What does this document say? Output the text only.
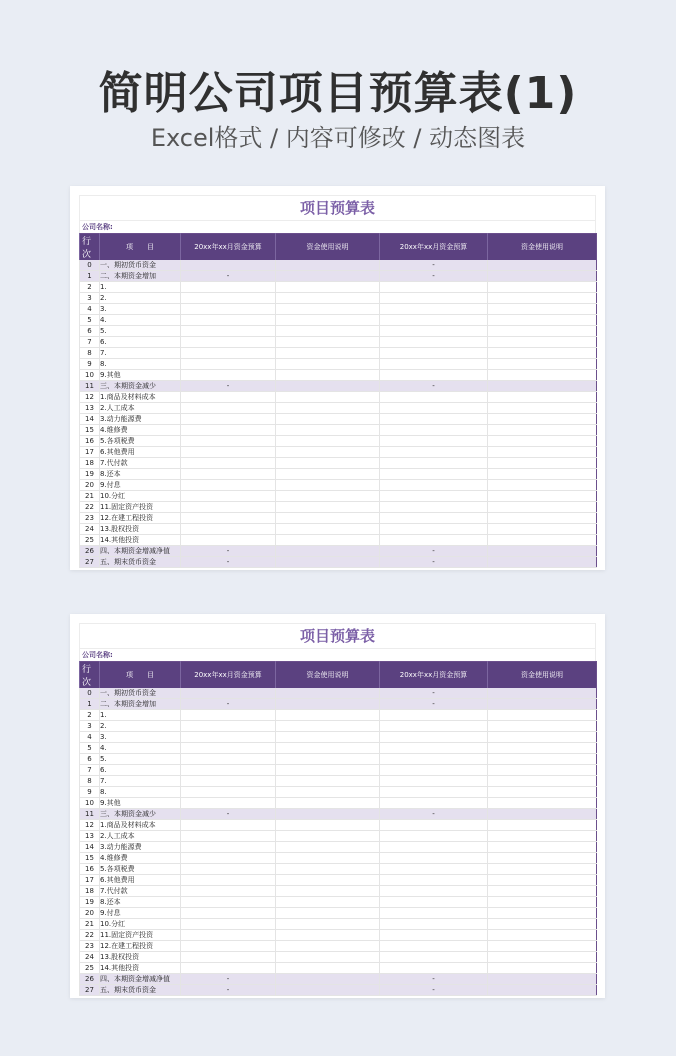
简明公司项目预算表(1)
Excel格式 / 内容可修改 / 动态图表
项目预算表
公司名称:
行次	项　　目	20xx年xx月资金预算	资金使用说明	20xx年xx月资金预算	资金使用说明
0	一、期初货币资金			-	
1	二、本期资金增加	-		-	
2	1.				
3	2.				
4	3.				
5	4.				
6	5.				
7	6.				
8	7.				
9	8.				
10	9.其他				
11	三、本期资金减少	-		-	
12	1.商品及材料成本				
13	2.人工成本				
14	3.动力能源费				
15	4.维修费				
16	5.各项税费				
17	6.其他费用				
18	7.代付款				
19	8.还本				
20	9.付息				
21	10.分红				
22	11.固定资产投资				
23	12.在建工程投资				
24	13.股权投资				
25	14.其他投资				
26	四、本期资金增减净值	-		-	
27	五、期末货币资金	-		-	
项目预算表
公司名称:
行次	项　　目	20xx年xx月资金预算	资金使用说明	20xx年xx月资金预算	资金使用说明
0	一、期初货币资金			-	
1	二、本期资金增加	-		-	
2	1.				
3	2.				
4	3.				
5	4.				
6	5.				
7	6.				
8	7.				
9	8.				
10	9.其他				
11	三、本期资金减少	-		-	
12	1.商品及材料成本				
13	2.人工成本				
14	3.动力能源费				
15	4.维修费				
16	5.各项税费				
17	6.其他费用				
18	7.代付款				
19	8.还本				
20	9.付息				
21	10.分红				
22	11.固定资产投资				
23	12.在建工程投资				
24	13.股权投资				
25	14.其他投资				
26	四、本期资金增减净值	-		-	
27	五、期末货币资金	-		-	
